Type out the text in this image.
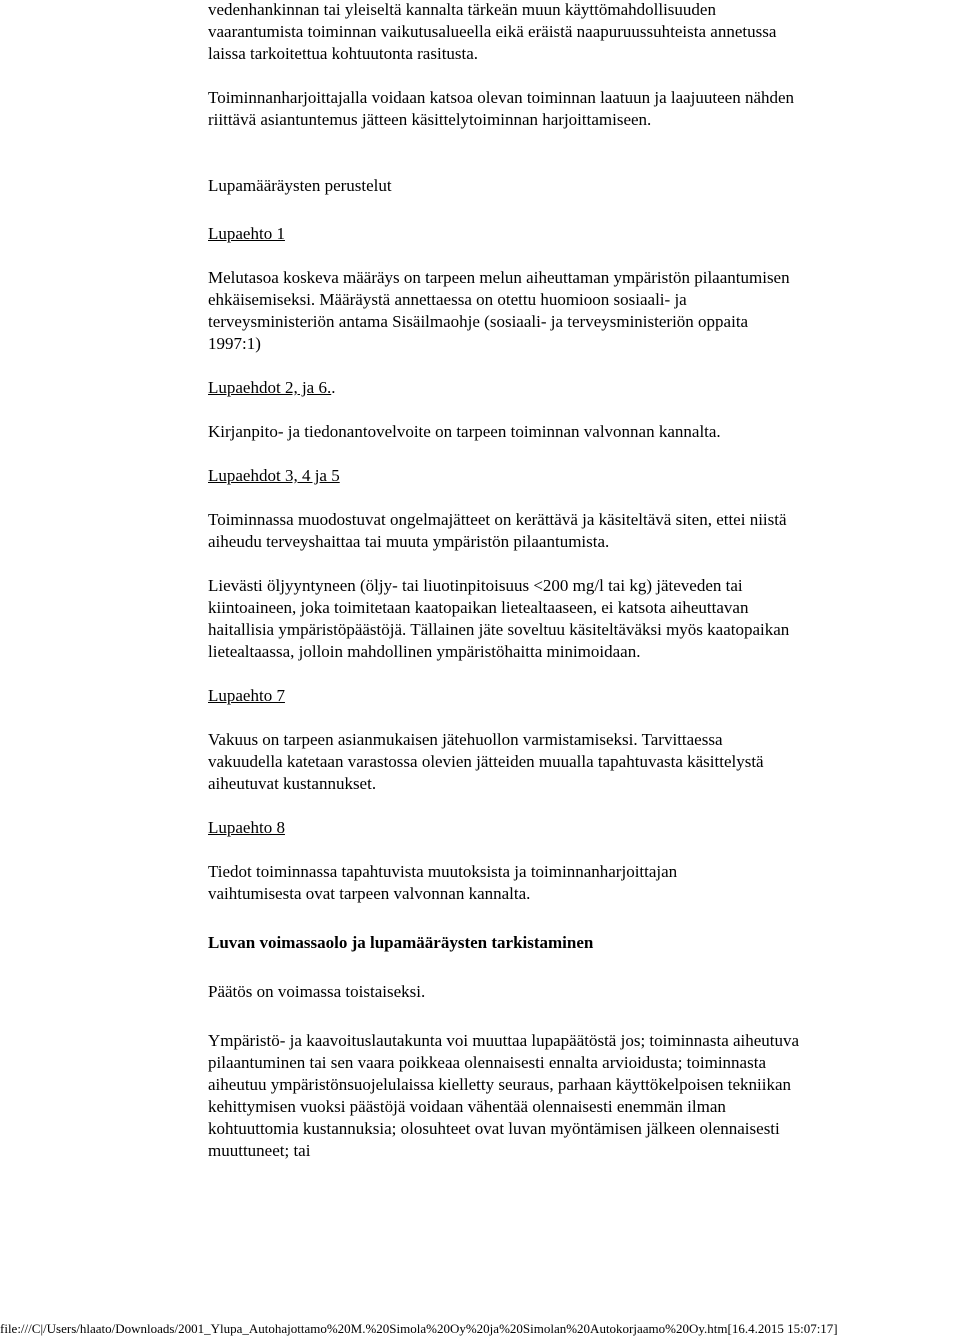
vedenhankinnan tai yleiseltä kannalta tärkeän muun käyttömahdollisuuden vaarantumista toiminnan vaikutusalueella eikä eräistä naapuruussuhteista annetussa laissa tarkoitettua kohtuutonta rasitusta.

Toiminnanharjoittajalla voidaan katsoa olevan toiminnan laatuun ja laajuuteen nähden riittävä asiantuntemus jätteen käsittelytoiminnan harjoittamiseen.

Lupamääräysten perustelut

Lupaehto 1

Melutasoa koskeva määräys on tarpeen melun aiheuttaman ympäristön pilaantumisen ehkäisemiseksi. Määräystä annettaessa on otettu huomioon sosiaali- ja terveysministeriön antama Sisäilmaohje (sosiaali- ja terveysministeriön oppaita 1997:1)

Lupaehdot 2, ja 6..

Kirjanpito- ja tiedonantovelvoite on tarpeen toiminnan valvonnan kannalta.

Lupaehdot 3, 4 ja 5

Toiminnassa muodostuvat ongelmajätteet on kerättävä ja käsiteltävä siten, ettei niistä aiheudu terveyshaittaa tai muuta ympäristön pilaantumista.

Lievästi öljyyntyneen (öljy- tai liuotinpitoisuus <200 mg/l tai kg) jäteveden tai kiintoaineen, joka toimitetaan kaatopaikan lietealtaaseen, ei katsota aiheuttavan haitallisia ympäristöpäästöjä. Tällainen jäte soveltuu käsiteltäväksi myös kaatopaikan lietealtaassa, jolloin mahdollinen ympäristöhaitta minimoidaan.

Lupaehto 7

Vakuus on tarpeen asianmukaisen jätehuollon varmistamiseksi. Tarvittaessa vakuudella katetaan varastossa olevien jätteiden muualla tapahtuvasta käsittelystä aiheutuvat kustannukset.

Lupaehto 8

Tiedot toiminnassa tapahtuvista muutoksista ja toiminnanharjoittajan vaihtumisesta ovat tarpeen valvonnan kannalta.

Luvan voimassaolo ja lupamääräysten tarkistaminen

Päätös on voimassa toistaiseksi.

Ympäristö- ja kaavoituslautakunta voi muuttaa lupapäätöstä jos; toiminnasta aiheutuva pilaantuminen tai sen vaara poikkeaa olennaisesti ennalta arvioidusta; toiminnasta aiheutuu ympäristönsuojelulaissa kielletty seuraus, parhaan käyttökelpoisen tekniikan kehittymisen vuoksi päästöjä voidaan vähentää olennaisesti enemmän ilman kohtuuttomia kustannuksia; olosuhteet ovat luvan myöntämisen jälkeen olennaisesti muuttuneet; tai

file:///C|/Users/hlaato/Downloads/2001_Ylupa_Autohajottamo%20M.%20Simola%20Oy%20ja%20Simolan%20Autokorjaamo%20Oy.htm[16.4.2015 15:07:17]
